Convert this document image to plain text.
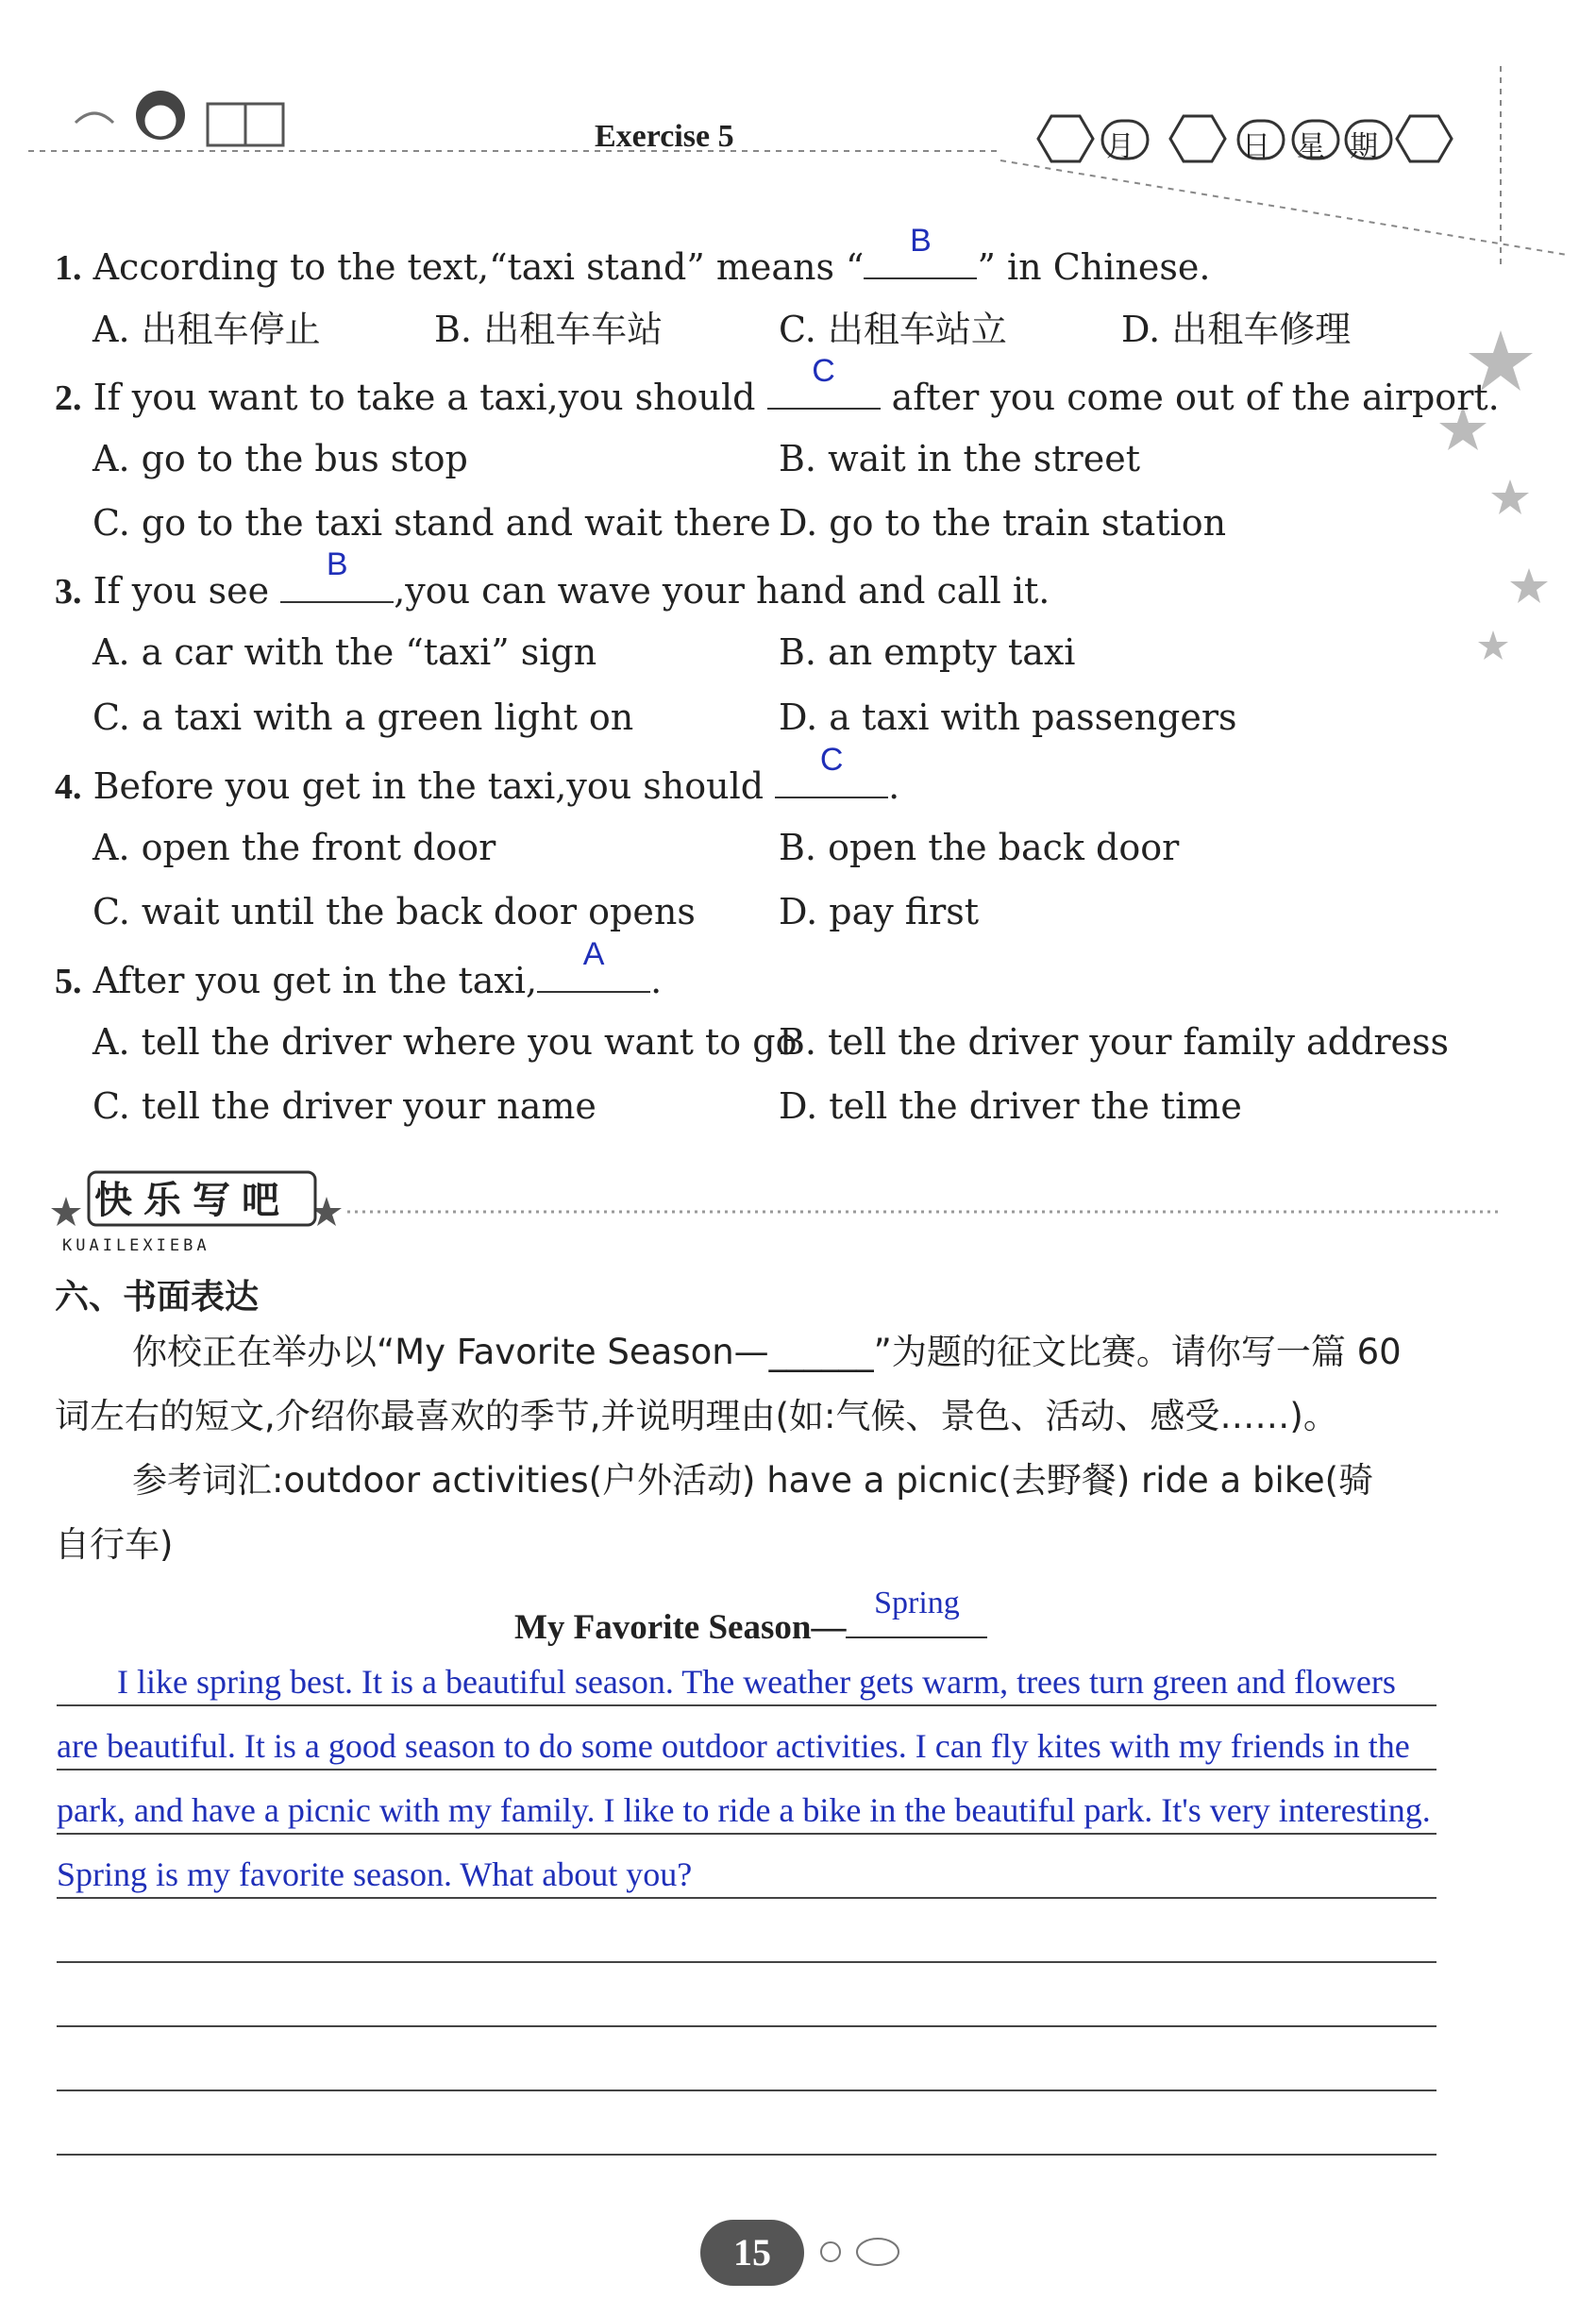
Exercise 5	月	日 星 期
1. According to the text,“taxi stand” means “
B
” in Chinese.
A. 出租车停止	B. 出租车车站	C. 出租车站立	D. 出租车修理
2. If you want to take a taxi,you should
C
after you come out of the airport.
A. go to the bus stop	B. wait in the street
C. go to the taxi stand and wait there D. go to the train station
3. If you see
B
,you can wave your hand and call it.
A. a car with the “taxi” sign	B. an empty taxi
C. a taxi with a green light on	D. a taxi with passengers
4. Before you get in the taxi,you should
C
.
A. open the front door	B. open the back door
C. wait until the back door opens D. pay first
5. After you get in the taxi,
A
.
A. tell the driver where you want to go
B. tell the driver your family address
C. tell the driver your name	D. tell the driver the time
快乐写吧
KUAILEXIEBA
六、书面表达
你校正在举办以“My Favorite Season—______”为题的征文比赛。请你写一篇 60
词左右的短文,介绍你最喜欢的季节,并说明理由(如:气候、景色、活动、感受……)。
参考词汇:outdoor activities(户外活动) have a picnic(去野餐) ride a bike(骑
自行车)
My Favorite Season—
Spring
I like spring best. It is a beautiful season. The weather gets warm, trees turn green and flowers
are beautiful. It is a good season to do some outdoor activities. I can fly kites with my friends in the
park, and have a picnic with my family. I like to ride a bike in the beautiful park. It's very interesting.
Spring is my favorite season. What about you?
15
